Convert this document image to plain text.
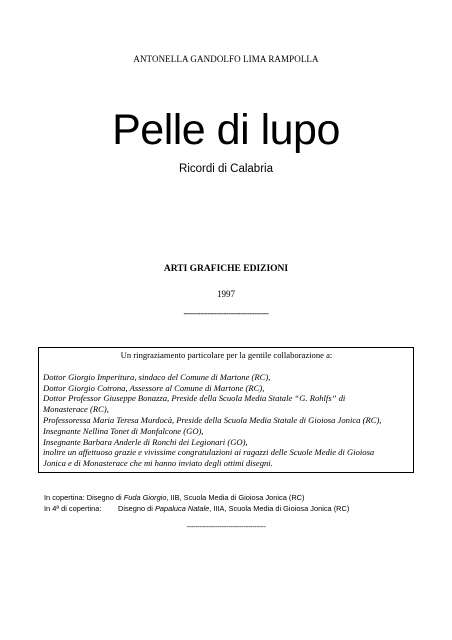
ANTONELLA GANDOLFO LIMA RAMPOLLA
Pelle di lupo
Ricordi di Calabria
ARTI GRAFICHE EDIZIONI
1997
------------------------------------
Un ringraziamento particolare per la gentile collaborazione a:
Dottor Giorgio Imperitura, sindaco del Comune di Martone (RC),
Dottor Giorgio Cotrona, Assessore al Comune di Martone (RC),
Dottor Professor Giuseppe Bonazza, Preside della Scuola Media Statale “G. Rohlfs” di
Monasterace (RC),
Professoressa Maria Teresa Murdocà, Preside della Scuola Media Statale di Gioiosa Jonica (RC),
Insegnante Nellina Tonet di Monfalcone (GO),
Insegnante Barbara Anderle di Ronchi dei Legionari (GO),
inoltre un affettuoso grazie e vivissime congratulazioni ai ragazzi delle Scuole Medie di Gioiosa
Jonica e di Monasterace che mi hanno inviato degli ottimi disegni.
In copertina: Disegno di Fuda Giorgio, IIB, Scuola Media di Gioiosa Jonica (RC)
In 4ª di copertina: Disegno di Papaluca Natale, IIIA, Scuola Media di Gioiosa Jonica (RC)
------------------------------------
